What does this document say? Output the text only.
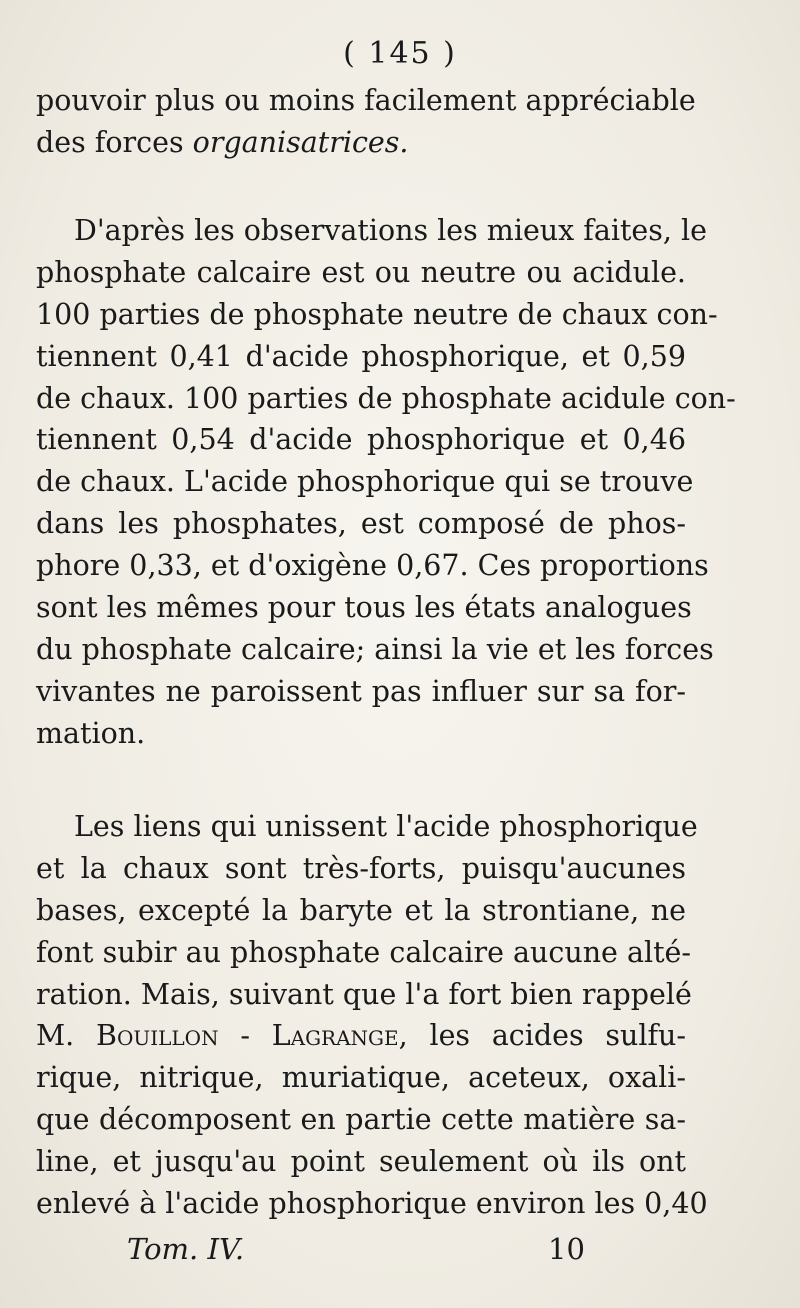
( 145 )
pouvoir plus ou moins facilement appréciable
des forces organisatrices.
D'après les observations les mieux faites, le
phosphate calcaire est ou neutre ou acidule.
100 parties de phosphate neutre de chaux con-
tiennent 0,41 d'acide phosphorique, et 0,59
de chaux. 100 parties de phosphate acidule con-
tiennent 0,54 d'acide phosphorique et 0,46
de chaux. L'acide phosphorique qui se trouve
dans les phosphates, est composé de phos-
phore 0,33, et d'oxigène 0,67. Ces proportions
sont les mêmes pour tous les états analogues
du phosphate calcaire; ainsi la vie et les forces
vivantes ne paroissent pas influer sur sa for-
mation.
Les liens qui unissent l'acide phosphorique
et la chaux sont très-forts, puisqu'aucunes
bases, excepté la baryte et la strontiane, ne
font subir au phosphate calcaire aucune alté-
ration. Mais, suivant que l'a fort bien rappelé
M. Bouillon - Lagrange, les acides sulfu-
rique, nitrique, muriatique, aceteux, oxali-
que décomposent en partie cette matière sa-
line, et jusqu'au point seulement où ils ont
enlevé à l'acide phosphorique environ les 0,40
Tom. IV.	10
